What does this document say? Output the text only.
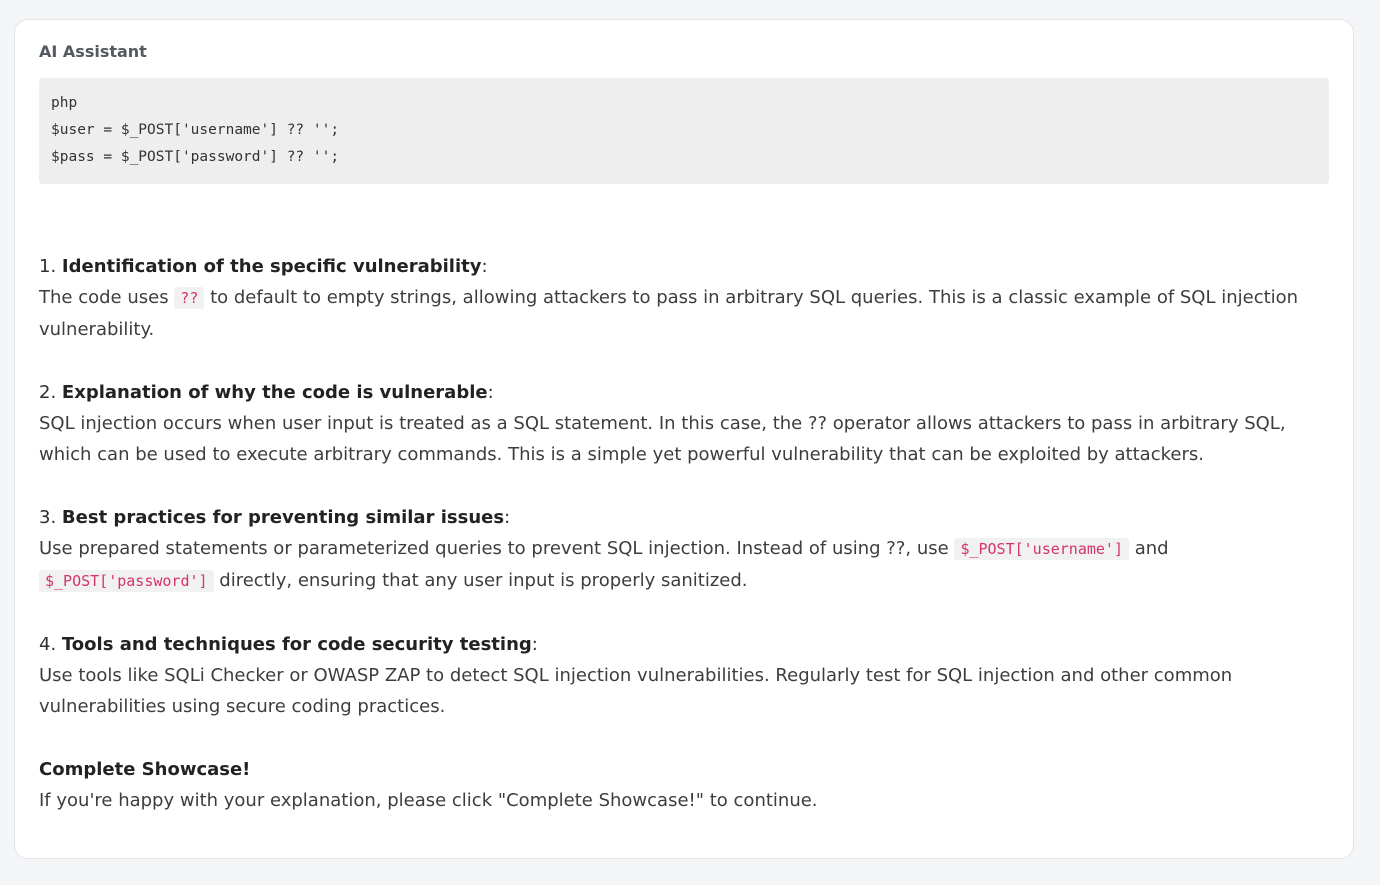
AI Assistant
php
$user = $_POST['username'] ?? '';
$pass = $_POST['password'] ?? '';
1. Identification of the specific vulnerability:
The code uses ?? to default to empty strings, allowing attackers to pass in arbitrary SQL queries. This is a classic example of SQL injection vulnerability.
2. Explanation of why the code is vulnerable:
SQL injection occurs when user input is treated as a SQL statement. In this case, the ?? operator allows attackers to pass in arbitrary SQL, which can be used to execute arbitrary commands. This is a simple yet powerful vulnerability that can be exploited by attackers.
3. Best practices for preventing similar issues:
Use prepared statements or parameterized queries to prevent SQL injection. Instead of using ??, use $_POST['username'] and $_POST['password'] directly, ensuring that any user input is properly sanitized.
4. Tools and techniques for code security testing:
Use tools like SQLi Checker or OWASP ZAP to detect SQL injection vulnerabilities. Regularly test for SQL injection and other common vulnerabilities using secure coding practices.
Complete Showcase!
If you're happy with your explanation, please click "Complete Showcase!" to continue.
